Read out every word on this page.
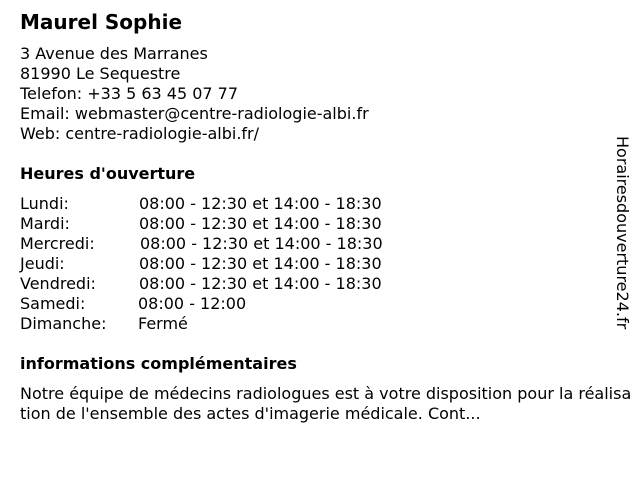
Maurel Sophie
3 Avenue des Marranes
81990 Le Sequestre
Telefon: +33 5 63 45 07 77
Email: webmaster@centre-radiologie-albi.fr
Web: centre-radiologie-albi.fr/
Heures d'ouverture
Lundi:	08:00 - 12:30 et 14:00 - 18:30
Mardi:	08:00 - 12:30 et 14:00 - 18:30
Mercredi:	08:00 - 12:30 et 14:00 - 18:30
Jeudi:	08:00 - 12:30 et 14:00 - 18:30
Vendredi:	08:00 - 12:30 et 14:00 - 18:30
Samedi:	08:00 - 12:00
Dimanche: Fermé
informations complémentaires
Notre équipe de médecins radiologues est à votre disposition pour la réalisation de l'ensemble des actes d'imagerie médicale. Cont...
Horairesdouverture24.fr
